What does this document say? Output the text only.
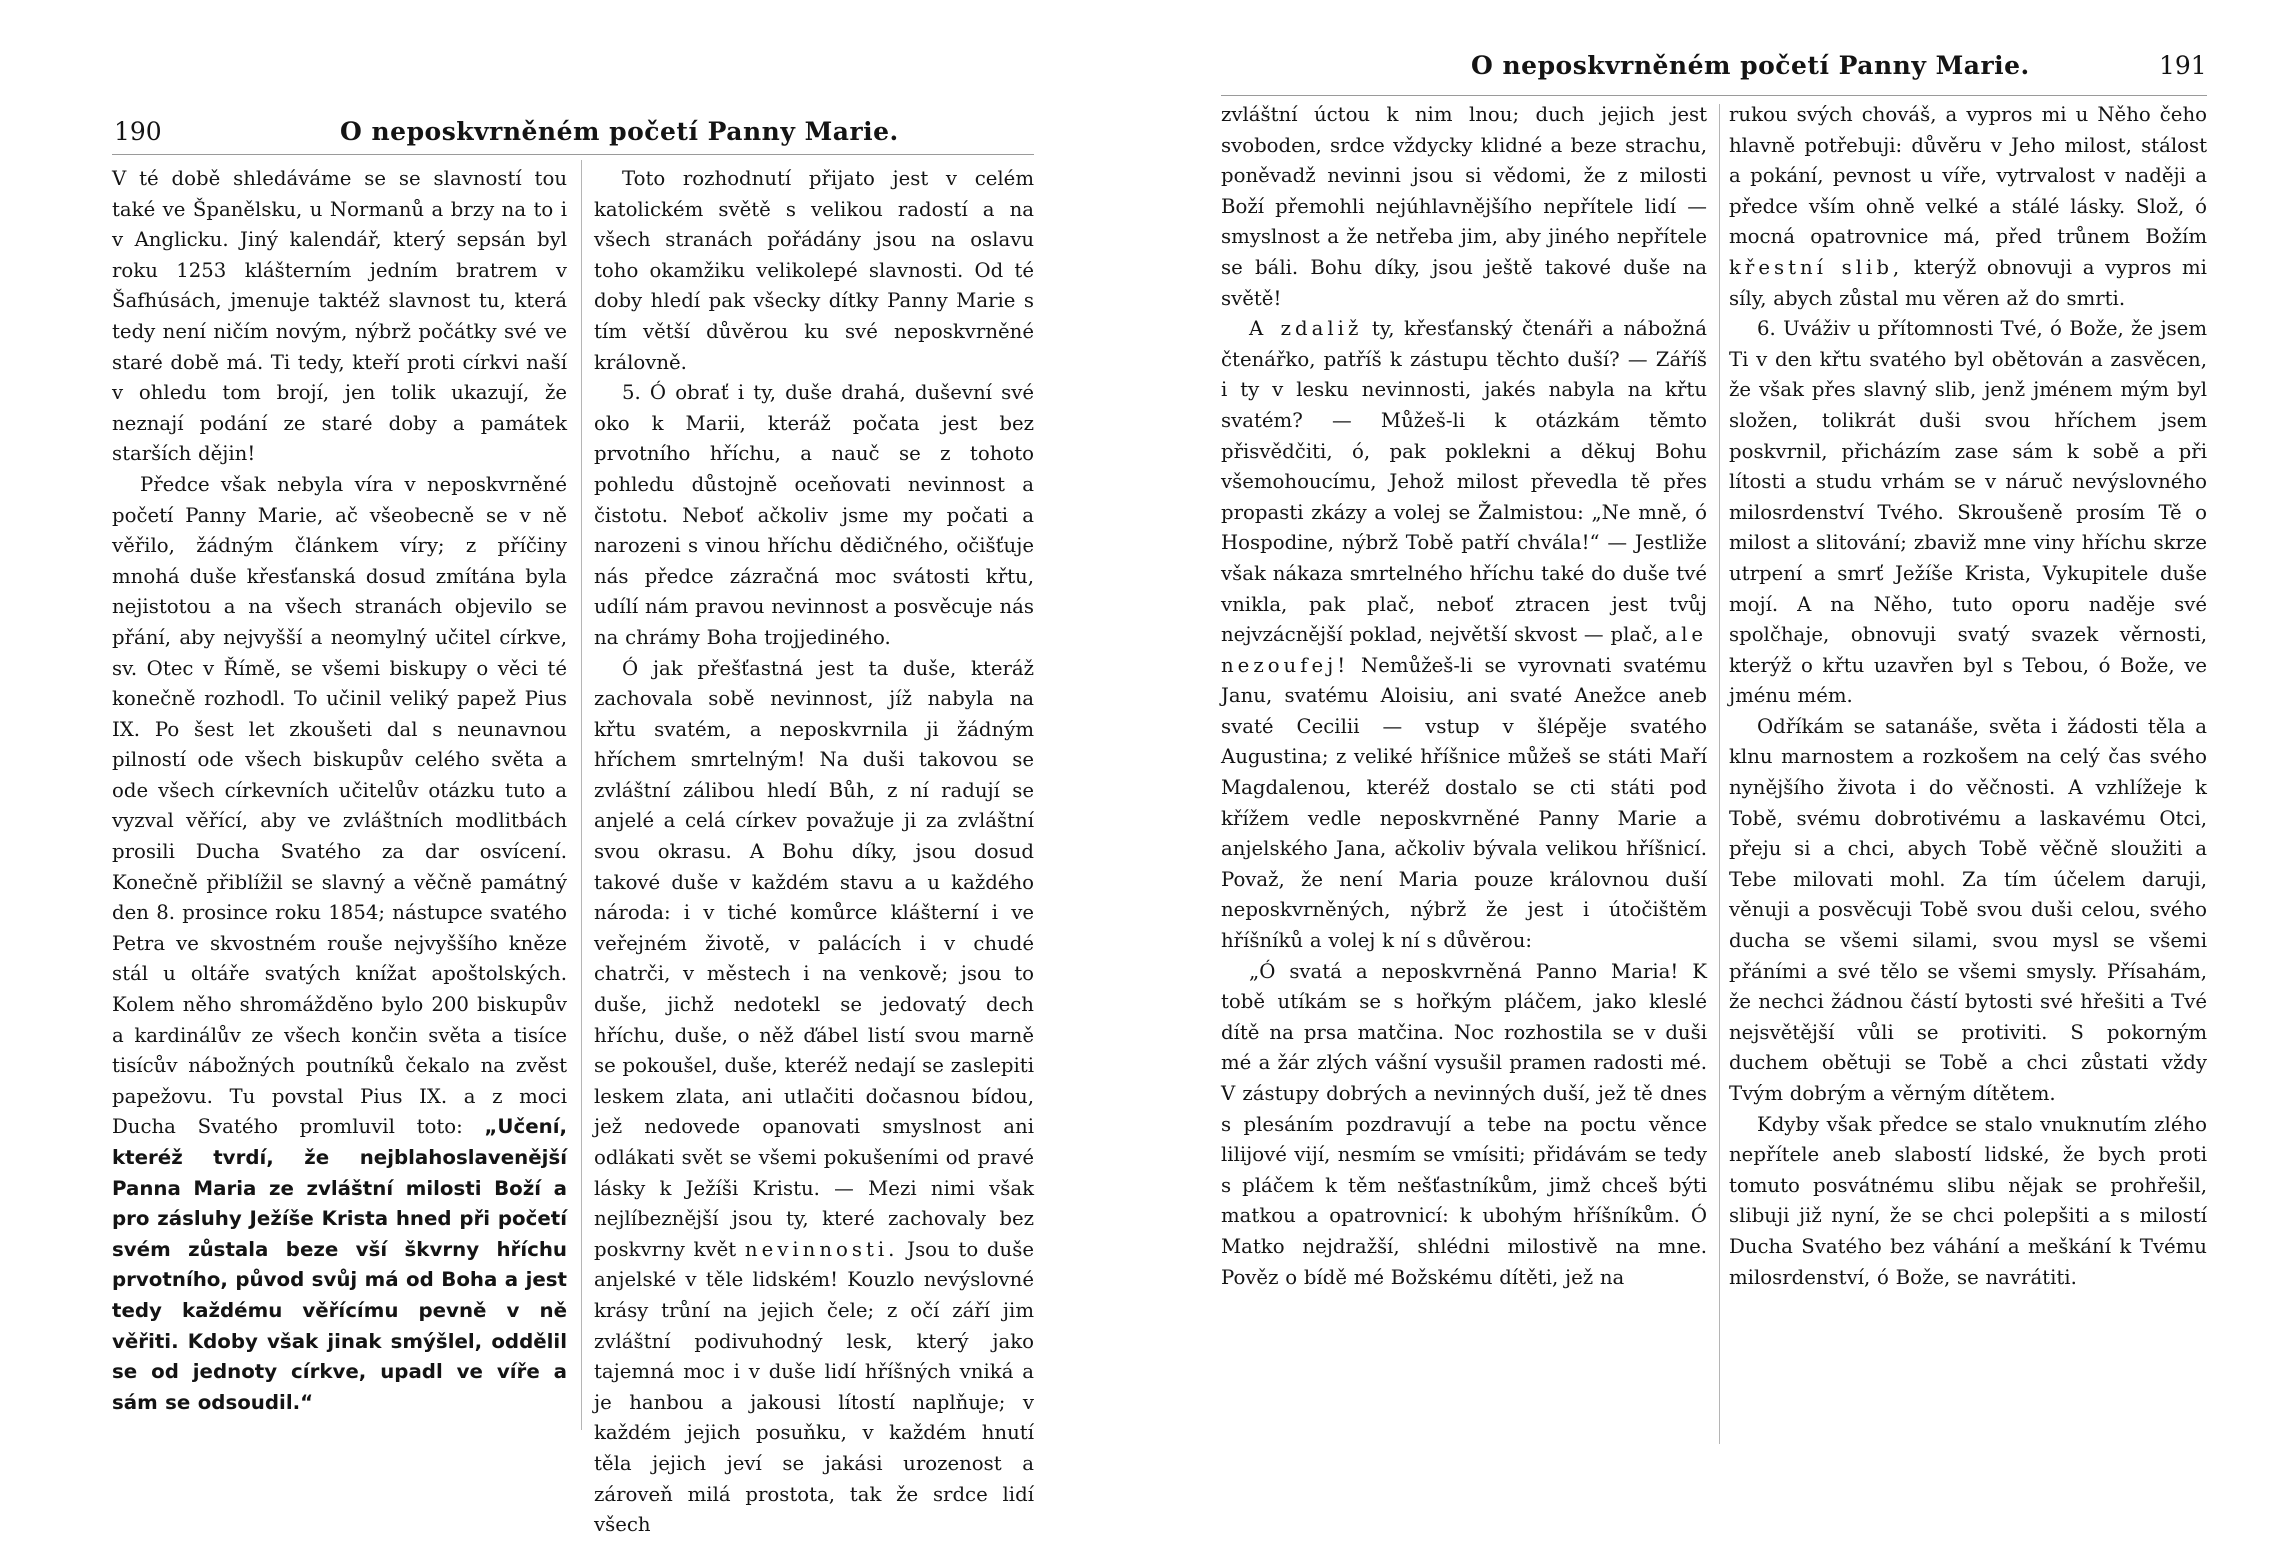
190	O neposkvrněném početí Panny Marie.

V té době shledáváme se se slavností tou také ve Španělsku, u Normanů a brzy na to i v Anglicku. Jiný kalendář, který sepsán byl roku 1253 klášterním jedním bratrem v Šafhúsách, jmenuje taktéž slavnost tu, která tedy není ničím novým, nýbrž počátky své ve staré době má. Ti tedy, kteří proti církvi naší v ohledu tom brojí, jen tolik ukazují, že neznají podání ze staré doby a památek starších dějin!

Předce však nebyla víra v neposkvrněné početí Panny Marie, ač všeobecně se v ně věřilo, žádným článkem víry; z příčiny mnohá duše křesťanská dosud zmítána byla nejistotou a na všech stranách objevilo se přání, aby nejvyšší a neomylný učitel církve, sv. Otec v Římě, se všemi biskupy o věci té konečně rozhodl. To učinil veliký papež Pius IX. Po šest let zkoušeti dal s neunavnou pilností ode všech biskupův celého světa a ode všech církevních učitelův otázku tuto a vyzval věřící, aby ve zvláštních modlitbách prosili Ducha Svatého za dar osvícení. Konečně přiblížil se slavný a věčně památný den 8. prosince roku 1854; nástupce svatého Petra ve skvostném rouše nejvyššího kněze stál u oltáře svatých knížat apoštolských. Kolem něho shromážděno bylo 200 biskupův a kardinálův ze všech končin světa a tisíce tisícův nábožných poutníků čekalo na zvěst papežovu. Tu povstal Pius IX. a z moci Ducha Svatého promluvil toto: „Učení, kteréž tvrdí, že nejblahoslavenější Panna Maria ze zvláštní milosti Boží a pro zásluhy Ježíše Krista hned při početí svém zůstala beze vší škvrny hříchu prvotního, původ svůj má od Boha a jest tedy každému věřícímu pevně v ně věřiti. Kdoby však jinak smýšlel, oddělil se od jednoty církve, upadl ve víře a sám se odsoudil.“

Toto rozhodnutí přijato jest v celém katolickém světě s velikou radostí a na všech stranách pořádány jsou na oslavu toho okamžiku velikolepé slavnosti. Od té doby hledí pak všecky dítky Panny Marie s tím větší důvěrou ku své neposkvrněné královně.

5. Ó obrať i ty, duše drahá, duševní své oko k Marii, kteráž počata jest bez prvotního hříchu, a nauč se z tohoto pohledu důstojně oceňovati nevinnost a čistotu. Neboť ačkoliv jsme my počati a narozeni s vinou hříchu dědičného, očišťuje nás předce zázračná moc svátosti křtu, udílí nám pravou nevinnost a posvěcuje nás na chrámy Boha trojjediného.

Ó jak přešťastná jest ta duše, kteráž zachovala sobě nevinnost, jíž nabyla na křtu svatém, a neposkvrnila ji žádným hříchem smrtelným! Na duši takovou se zvláštní zálibou hledí Bůh, z ní radují se anjelé a celá církev považuje ji za zvláštní svou okrasu. A Bohu díky, jsou dosud takové duše v každém stavu a u každého národa: i v tiché komůrce klášterní i ve veřejném životě, v palácích i v chudé chatrči, v městech i na venkově; jsou to duše, jichž nedotekl se jedovatý dech hříchu, duše, o něž ďábel listí svou marně se pokoušel, duše, kteréž nedají se zaslepiti leskem zlata, ani utlačiti dočasnou bídou, jež nedovede opanovati smyslnost ani odlákati svět se všemi pokušeními od pravé lásky k Ježíši Kristu. — Mezi nimi však nejlíbeznější jsou ty, které zachovaly bez poskvrny květ nevinnosti. Jsou to duše anjelské v těle lidském! Kouzlo nevýslovné krásy trůní na jejich čele; z očí září jim zvláštní podivuhodný lesk, který jako tajemná moc i v duše lidí hříšných vniká a je hanbou a jakousi lítostí naplňuje; v každém jejich posuňku, v každém hnutí těla jejich jeví se jakási urozenost a zároveň milá prostota, tak že srdce lidí všech

O neposkvrněném početí Panny Marie.	191

zvláštní úctou k nim lnou; duch jejich jest svoboden, srdce vždycky klidné a beze strachu, poněvadž nevinni jsou si vědomi, že z milosti Boží přemohli nejúhlavnějšího nepřítele lidí — smyslnost a že netřeba jim, aby jiného nepřítele se báli. Bohu díky, jsou ještě takové duše na světě!

A zdaliž ty, křesťanský čtenáři a nábožná čtenářko, patříš k zástupu těchto duší? — Záříš i ty v lesku nevinnosti, jakés nabyla na křtu svatém? — Můžeš-li k otázkám těmto přisvědčiti, ó, pak poklekni a děkuj Bohu všemohoucímu, Jehož milost převedla tě přes propasti zkázy a volej se Žalmistou: „Ne mně, ó Hospodine, nýbrž Tobě patří chvála!“ — Jestliže však nákaza smrtelného hříchu také do duše tvé vnikla, pak plač, neboť ztracen jest tvůj nejvzácnější poklad, největší skvost — plač, ale nezoufej! Nemůžeš-li se vyrovnati svatému Janu, svatému Aloisiu, ani svaté Anežce aneb svaté Cecilii — vstup v šlépěje svatého Augustina; z veliké hříšnice můžeš se státi Maří Magdalenou, kteréž dostalo se cti státi pod křížem vedle neposkvrněné Panny Marie a anjelského Jana, ačkoliv bývala velikou hříšnicí. Považ, že není Maria pouze královnou duší neposkvrněných, nýbrž že jest i útočištěm hříšníků a volej k ní s důvěrou:

„Ó svatá a neposkvrněná Panno Maria! K tobě utíkám se s hořkým pláčem, jako kleslé dítě na prsa matčina. Noc rozhostila se v duši mé a žár zlých vášní vysušil pramen radosti mé. V zástupy dobrých a nevinných duší, jež tě dnes s plesáním pozdravují a tebe na poctu věnce lilijové vijí, nesmím se vmísiti; přidávám se tedy s pláčem k těm nešťastníkům, jimž chceš býti matkou a opatrovnicí: k ubohým hříšníkům. Ó Matko nejdražší, shlédni milostivě na mne. Pověz o bídě mé Božskému dítěti, jež na

rukou svých chováš, a vypros mi u Něho čeho hlavně potřebuji: důvěru v Jeho milost, stálost a pokání, pevnost u víře, vytrvalost v naději a předce vším ohně velké a stálé lásky. Slož, ó mocná opatrovnice má, před trůnem Božím křestní slib, kterýž obnovuji a vypros mi síly, abych zůstal mu věren až do smrti.

6. Uváživ u přítomnosti Tvé, ó Bože, že jsem Ti v den křtu svatého byl obětován a zasvěcen, že však přes slavný slib, jenž jménem mým byl složen, tolikrát duši svou hříchem jsem poskvrnil, přicházím zase sám k sobě a při lítosti a studu vrhám se v náruč nevýslovného milosrdenství Tvého. Skroušeně prosím Tě o milost a slitování; zbaviž mne viny hříchu skrze utrpení a smrť Ježíše Krista, Vykupitele duše mojí. A na Něho, tuto oporu naděje své spolčhaje, obnovuji svatý svazek věrnosti, kterýž o křtu uzavřen byl s Tebou, ó Bože, ve jménu mém.

Odříkám se satanáše, světa i žádosti těla a klnu marnostem a rozkošem na celý čas svého nynějšího života i do věčnosti. A vzhlížeje k Tobě, svému dobrotivému a laskavému Otci, přeju si a chci, abych Tobě věčně sloužiti a Tebe milovati mohl. Za tím účelem daruji, věnuji a posvěcuji Tobě svou duši celou, svého ducha se všemi silami, svou mysl se všemi přáními a své tělo se všemi smysly. Přísahám, že nechci žádnou částí bytosti své hřešiti a Tvé nejsvětější vůli se protiviti. S pokorným duchem obětuji se Tobě a chci zůstati vždy Tvým dobrým a věrným dítětem.

Kdyby však předce se stalo vnuknutím zlého nepřítele aneb slabostí lidské, že bych proti tomuto posvátnému slibu nějak se prohřešil, slibuji již nyní, že se chci polepšiti a s milostí Ducha Svatého bez váhání a meškání k Tvému milosrdenství, ó Bože, se navrátiti.
